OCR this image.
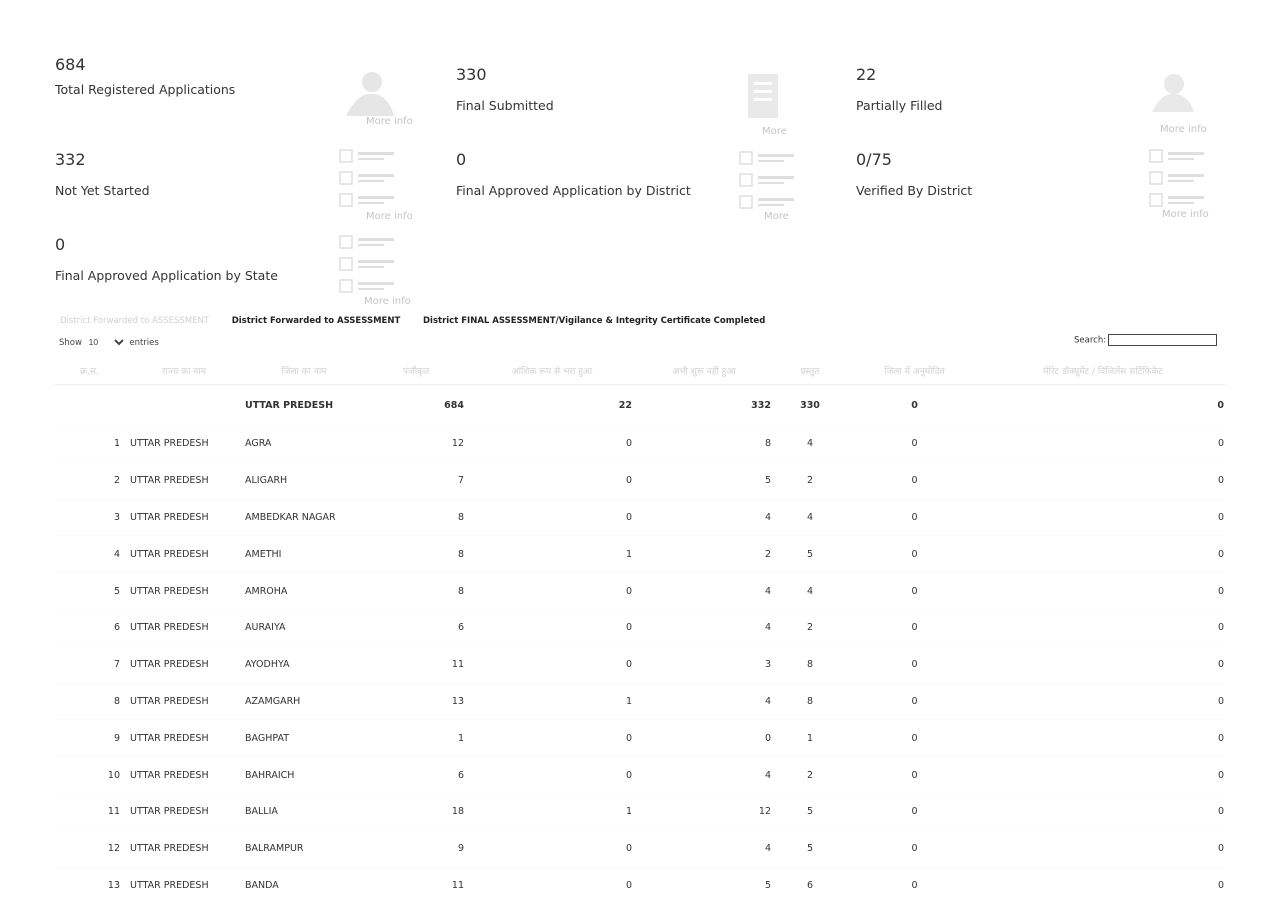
684
Total Registered Applications
More info
330
Final Submitted
More
22
Partially Filled
More info
332
Not Yet Started
More info
0
Final Approved Application by District
More
0/75
Verified By District
More info
0
Final Approved Application by State
More info
District Forwarded to ASSESSMENT	District Forwarded to ASSESSMENT	District FINAL ASSESSMENT/Vigilance & Integrity Certificate Completed
Show
10	entries	Search:
क्र.स.	राज्य का नाम	जिला का नाम	पंजीकृत	आंशिक रूप से भरा हुआ	अभी शुरू नहीं हुआ	प्रस्तुत	जिला में अनुमोदित	मेरिट डॉक्यूमेंट / विजिलेंस सर्टिफिकेट
		UTTAR PREDESH	684	22	332	330	0	0
1	UTTAR PREDESH	AGRA	12	0	8	4	0	0
2	UTTAR PREDESH	ALIGARH	7	0	5	2	0	0
3	UTTAR PREDESH	AMBEDKAR NAGAR	8	0	4	4	0	0
4	UTTAR PREDESH	AMETHI	8	1	2	5	0	0
5	UTTAR PREDESH	AMROHA	8	0	4	4	0	0
6	UTTAR PREDESH	AURAIYA	6	0	4	2	0	0
7	UTTAR PREDESH	AYODHYA	11	0	3	8	0	0
8	UTTAR PREDESH	AZAMGARH	13	1	4	8	0	0
9	UTTAR PREDESH	BAGHPAT	1	0	0	1	0	0
10	UTTAR PREDESH	BAHRAICH	6	0	4	2	0	0
11	UTTAR PREDESH	BALLIA	18	1	12	5	0	0
12	UTTAR PREDESH	BALRAMPUR	9	0	4	5	0	0
13	UTTAR PREDESH	BANDA	11	0	5	6	0	0
